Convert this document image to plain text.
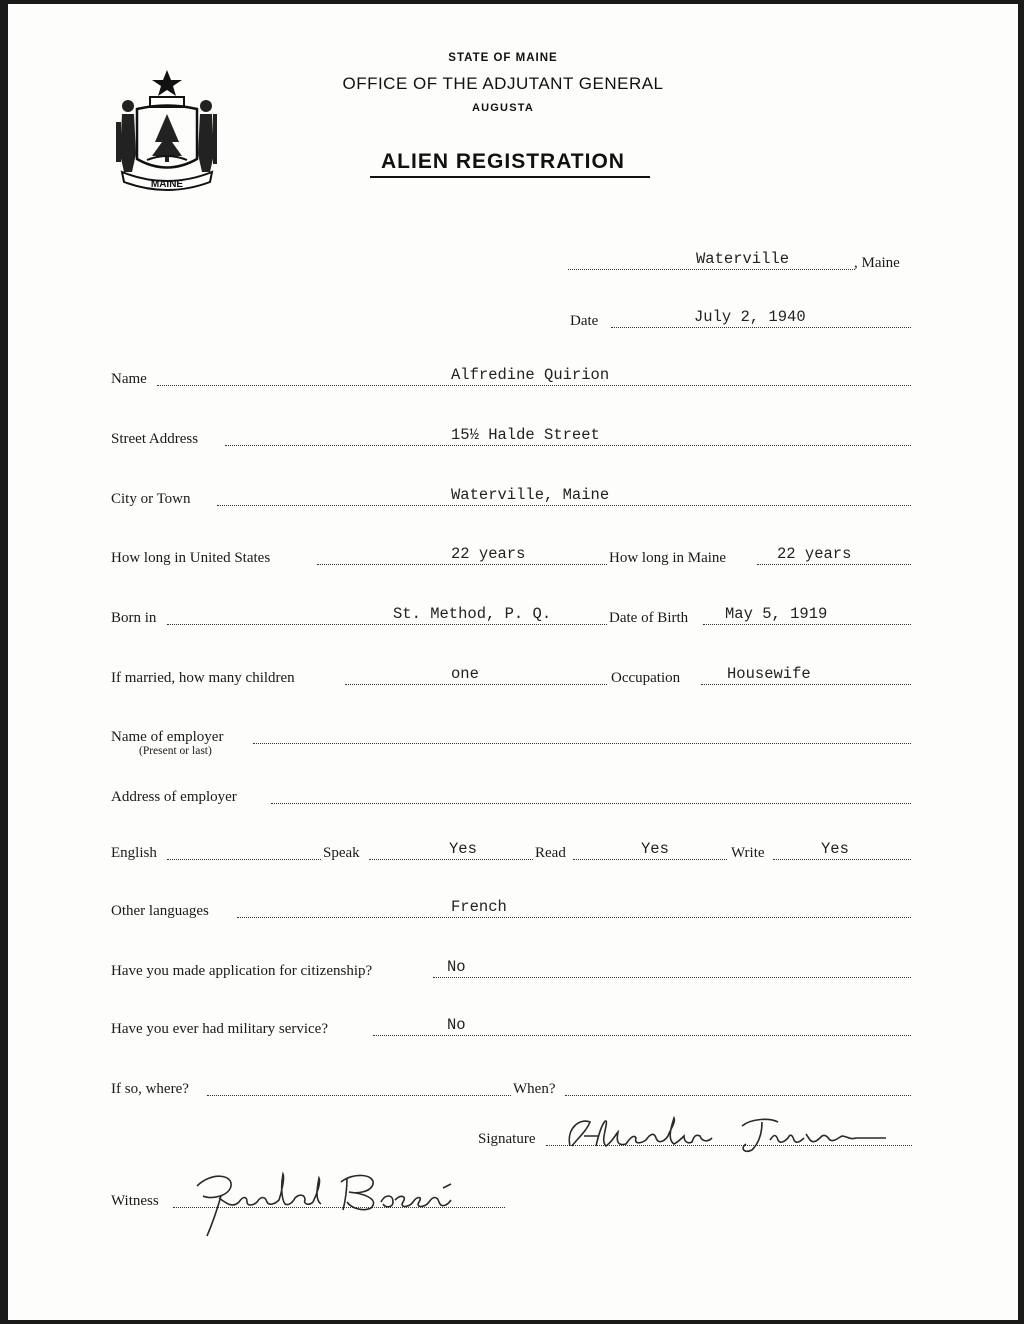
MAINE
STATE OF MAINE
OFFICE OF THE ADJUTANT GENERAL
AUGUSTA
ALIEN REGISTRATION
Waterville	, Maine
Date	July 2, 1940
Name	Alfredine Quirion
Street Address	15½ Halde Street
City or Town	Waterville, Maine
How long in United States	22 years	How long in Maine	22 years
Born in	St. Method, P. Q.	Date of Birth May 5, 1919
If married, how many children	one	Occupation	Housewife
Name of employer
(Present or last)
Address of employer
English	Speak	Yes	Read	Yes	Write	Yes
Other languages	French
Have you made application for citizenship?	No
Have you ever had military service?	No
If so, where?	When?
Signature
Witness
